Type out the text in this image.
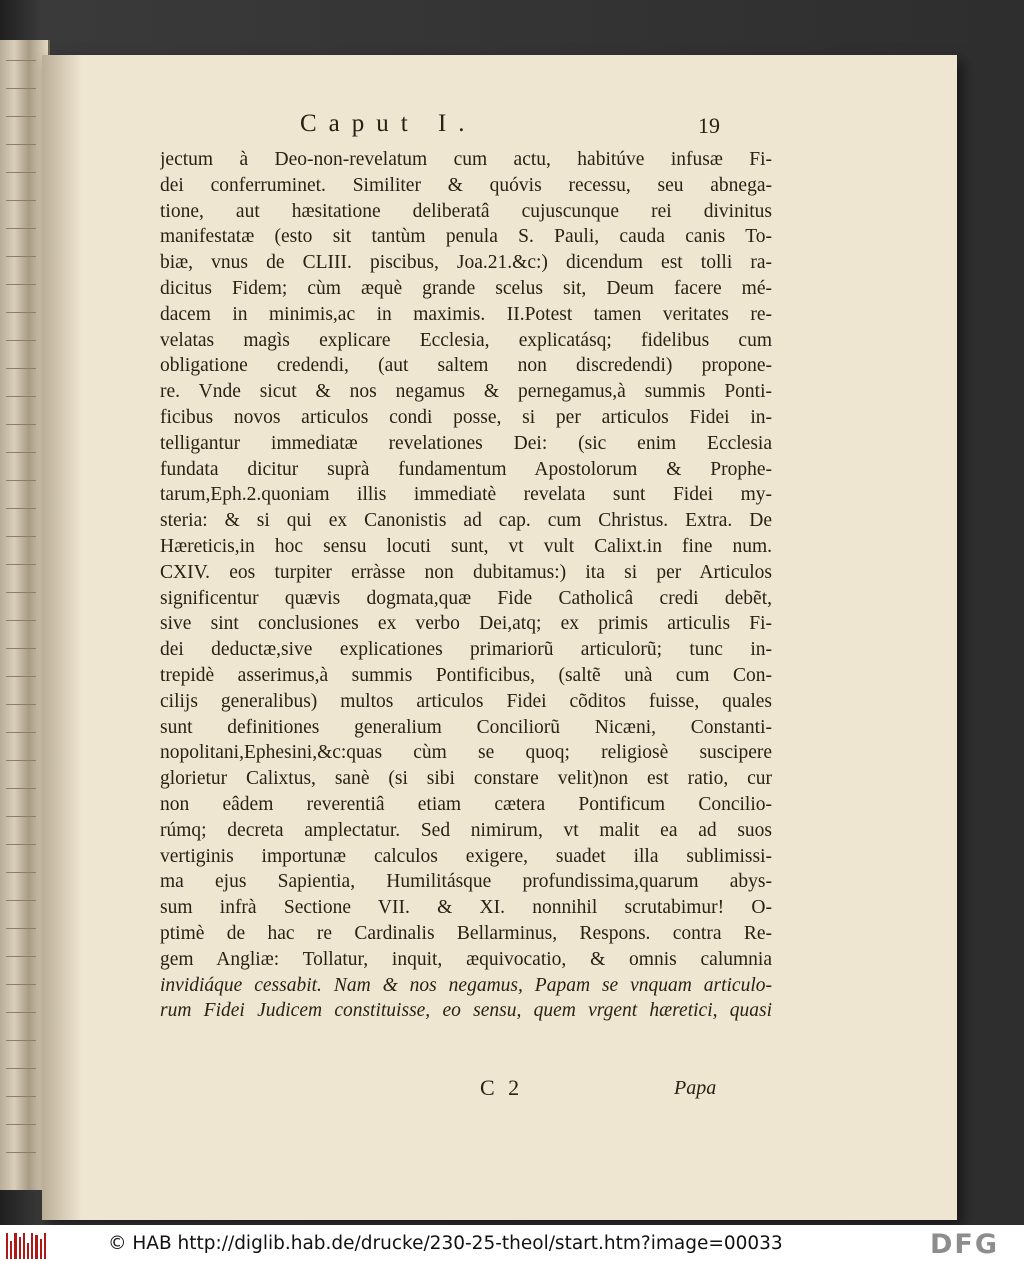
Caput I.	19
jectum à Deo-non-revelatum cum actu, habitúve infusæ Fi-
dei conferruminet. Similiter & quóvis recessu, seu abnega-
tione, aut hæsitatione deliberatâ cujuscunque rei divinitus
manifestatæ (esto sit tantùm penula S. Pauli, cauda canis To-
biæ, vnus de CLIII. piscibus, Joa.21.&c:) dicendum est tolli ra-
dicitus Fidem; cùm æquè grande scelus sit, Deum facere mé-
dacem in minimis,ac in maximis. II.Potest tamen veritates re-
velatas magìs explicare Ecclesia, explicatásq; fidelibus cum
obligatione credendi, (aut saltem non discredendi) propone-
re. Vnde sicut & nos negamus & pernegamus,à summis Ponti-
ficibus novos articulos condi posse, si per articulos Fidei in-
telligantur immediatæ revelationes Dei: (sic enim Ecclesia
fundata dicitur suprà fundamentum Apostolorum & Prophe-
tarum,Eph.2.quoniam illis immediatè revelata sunt Fidei my-
steria: & si qui ex Canonistis ad cap. cum Christus. Extra. De
Hæreticis,in hoc sensu locuti sunt, vt vult Calixt.in fine num.
CXIV. eos turpiter erràsse non dubitamus:) ita si per Articulos
significentur quævis dogmata,quæ Fide Catholicâ credi debẽt,
sive sint conclusiones ex verbo Dei,atq; ex primis articulis Fi-
dei deductæ,sive explicationes primariorũ articulorũ; tunc in-
trepidè asserimus,à summis Pontificibus, (saltẽ unà cum Con-
cilijs generalibus) multos articulos Fidei cõditos fuisse, quales
sunt definitiones generalium Conciliorũ Nicæni, Constanti-
nopolitani,Ephesini,&c:quas cùm se quoq; religiosè suscipere
glorietur Calixtus, sanè (si sibi constare velit)non est ratio, cur
non eâdem reverentiâ etiam cætera Pontificum Concilio-
rúmq; decreta amplectatur. Sed nimirum, vt malit ea ad suos
vertiginis importunæ calculos exigere, suadet illa sublimissi-
ma ejus Sapientia, Humilitásque profundissima,quarum abys-
sum infrà Sectione VII. & XI. nonnihil scrutabimur! O-
ptimè de hac re Cardinalis Bellarminus, Respons. contra Re-
gem Angliæ: Tollatur, inquit, æquivocatio, & omnis calumnia
invidiáque cessabit. Nam & nos negamus, Papam se vnquam articulo-
rum Fidei Judicem constituisse, eo sensu, quem vrgent hæretici, quasi
C 2	Papa
© HAB http://diglib.hab.de/drucke/230-25-theol/start.htm?image=00033	DFG
